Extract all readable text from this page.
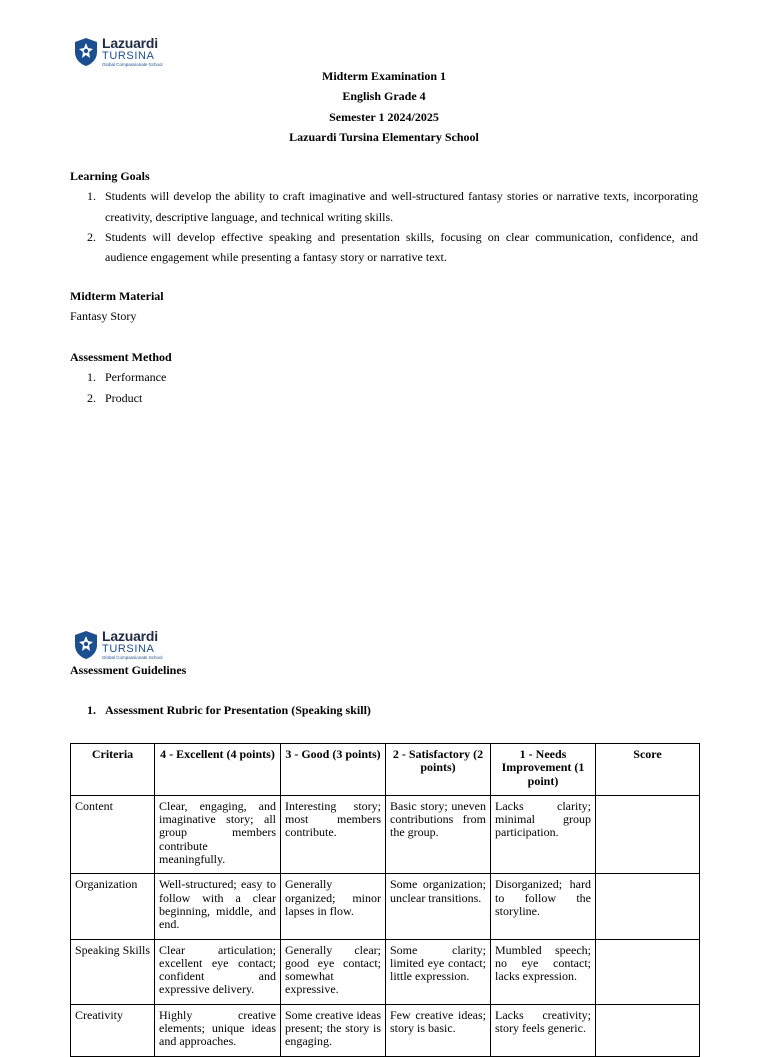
Lazuardi
TURSINA
Global Compassionate School
Midterm Examination 1
English Grade 4
Semester 1 2024/2025
Lazuardi Tursina Elementary School
Learning Goals
1. Students will develop the ability to craft imaginative and well-structured fantasy stories or narrative texts, incorporating creativity, descriptive language, and technical writing skills.
2. Students will develop effective speaking and presentation skills, focusing on clear communication, confidence, and audience engagement while presenting a fantasy story or narrative text.
Midterm Material
Fantasy Story
Assessment Method
1. Performance
2. Product
Lazuardi
TURSINA
Global Compassionate School
Assessment Guidelines
1. Assessment Rubric for Presentation (Speaking skill)
Criteria	4 - Excellent (4 points)	3 - Good (3 points)	2 - Satisfactory (2 points)	1 - Needs Improvement (1 point)	Score
Content	Clear, engaging, and imaginative story; all group members contribute meaningfully.	Interesting story; most members contribute.	Basic story; uneven contributions from the group.	Lacks clarity; minimal group participation.	
Organization	Well-structured; easy to follow with a clear beginning, middle, and end.	Generally organized; minor lapses in flow.	Some organization; unclear transitions.	Disorganized; hard to follow the storyline.	
Speaking Skills	Clear articulation; excellent eye contact; confident and expressive delivery.	Generally clear; good eye contact; somewhat expressive.	Some clarity; limited eye contact; little expression.	Mumbled speech; no eye contact; lacks expression.	
Creativity	Highly creative elements; unique ideas and approaches.	Some creative ideas present; the story is engaging.	Few creative ideas; story is basic.	Lacks creativity; story feels generic.	
